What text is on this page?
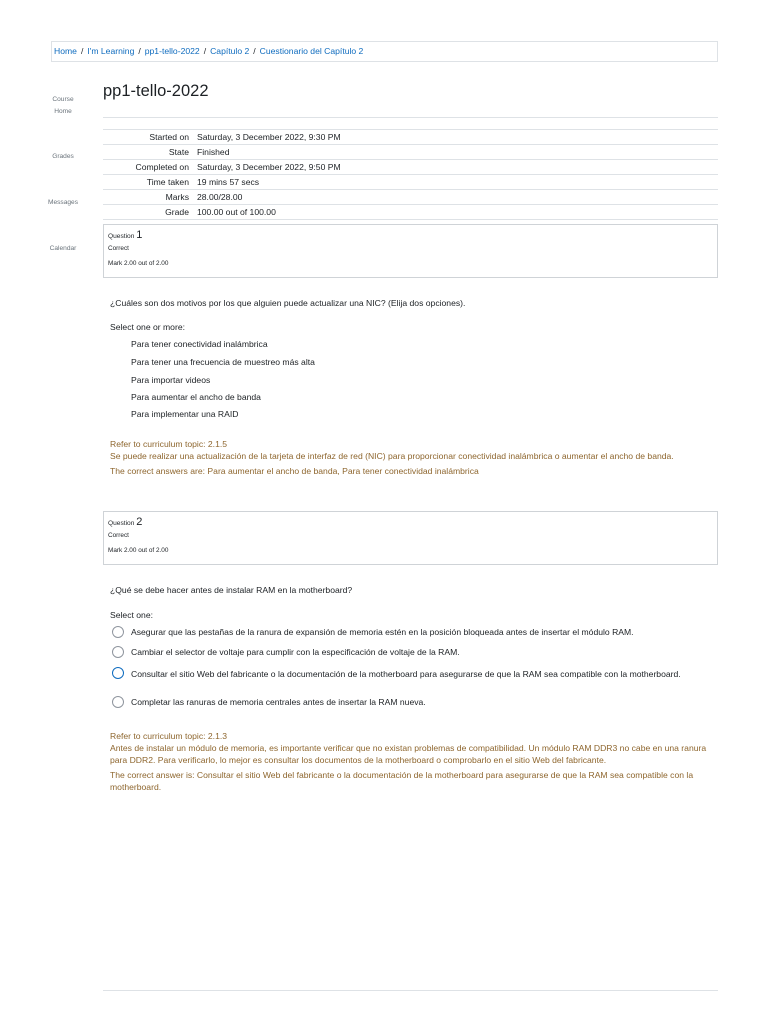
Home / I'm Learning / pp1-tello-2022 / Capítulo 2 / Cuestionario del Capítulo 2
Course
Home
Grades
Messages
Calendar
pp1-tello-2022
Started on	Saturday, 3 December 2022, 9:30 PM
State	Finished
Completed on	Saturday, 3 December 2022, 9:50 PM
Time taken	19 mins 57 secs
Marks	28.00/28.00
Grade	100.00 out of 100.00
Question 1
Correct
Mark 2.00 out of 2.00
¿Cuáles son dos motivos por los que alguien puede actualizar una NIC? (Elija dos opciones).
Select one or more:
Para tener conectividad inalámbrica
Para tener una frecuencia de muestreo más alta
Para importar videos
Para aumentar el ancho de banda
Para implementar una RAID
Refer to curriculum topic: 2.1.5
Se puede realizar una actualización de la tarjeta de interfaz de red (NIC) para proporcionar conectividad inalámbrica o aumentar el ancho de banda.
The correct answers are: Para aumentar el ancho de banda, Para tener conectividad inalámbrica
Question 2
Correct
Mark 2.00 out of 2.00
¿Qué se debe hacer antes de instalar RAM en la motherboard?
Select one:
Asegurar que las pestañas de la ranura de expansión de memoria estén en la posición bloqueada antes de insertar el módulo RAM.
Cambiar el selector de voltaje para cumplir con la especificación de voltaje de la RAM.
Consultar el sitio Web del fabricante o la documentación de la motherboard para asegurarse de que la RAM sea compatible con la motherboard.
Completar las ranuras de memoria centrales antes de insertar la RAM nueva.
Refer to curriculum topic: 2.1.3
Antes de instalar un módulo de memoria, es importante verificar que no existan problemas de compatibilidad. Un módulo RAM DDR3 no cabe en una ranura para DDR2. Para verificarlo, lo mejor es consultar los documentos de la motherboard o comprobarlo en el sitio Web del fabricante.
The correct answer is: Consultar el sitio Web del fabricante o la documentación de la motherboard para asegurarse de que la RAM sea compatible con la motherboard.
